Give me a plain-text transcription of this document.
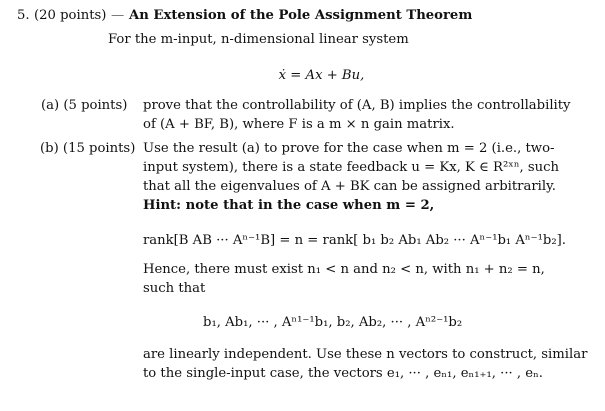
5. (20 points) — An Extension of the Pole Assignment Theorem
For the m-input, n-dimensional linear system
ẋ = Ax + Bu,
(a) (5 points) prove that the controllability of (A, B) implies the controllability
of (A + BF, B), where F is a m × n gain matrix.
(b) (15 points) Use the result (a) to prove for the case when m = 2 (i.e., two-
input system), there is a state feedback u = Kx, K ∈ R²ˣⁿ, such
that all the eigenvalues of A + BK can be assigned arbitrarily.
Hint: note that in the case when m = 2,
rank[B AB ··· Aⁿ⁻¹B] = n = rank[ b₁ b₂ Ab₁ Ab₂ ··· Aⁿ⁻¹b₁ Aⁿ⁻¹b₂].
Hence, there must exist n₁ < n and n₂ < n, with n₁ + n₂ = n,
such that
b₁, Ab₁, ··· , Aⁿ¹⁻¹b₁, b₂, Ab₂, ··· , Aⁿ²⁻¹b₂
are linearly independent. Use these n vectors to construct, similar
to the single-input case, the vectors e₁, ··· , eₙ₁, eₙ₁₊₁, ··· , eₙ.
